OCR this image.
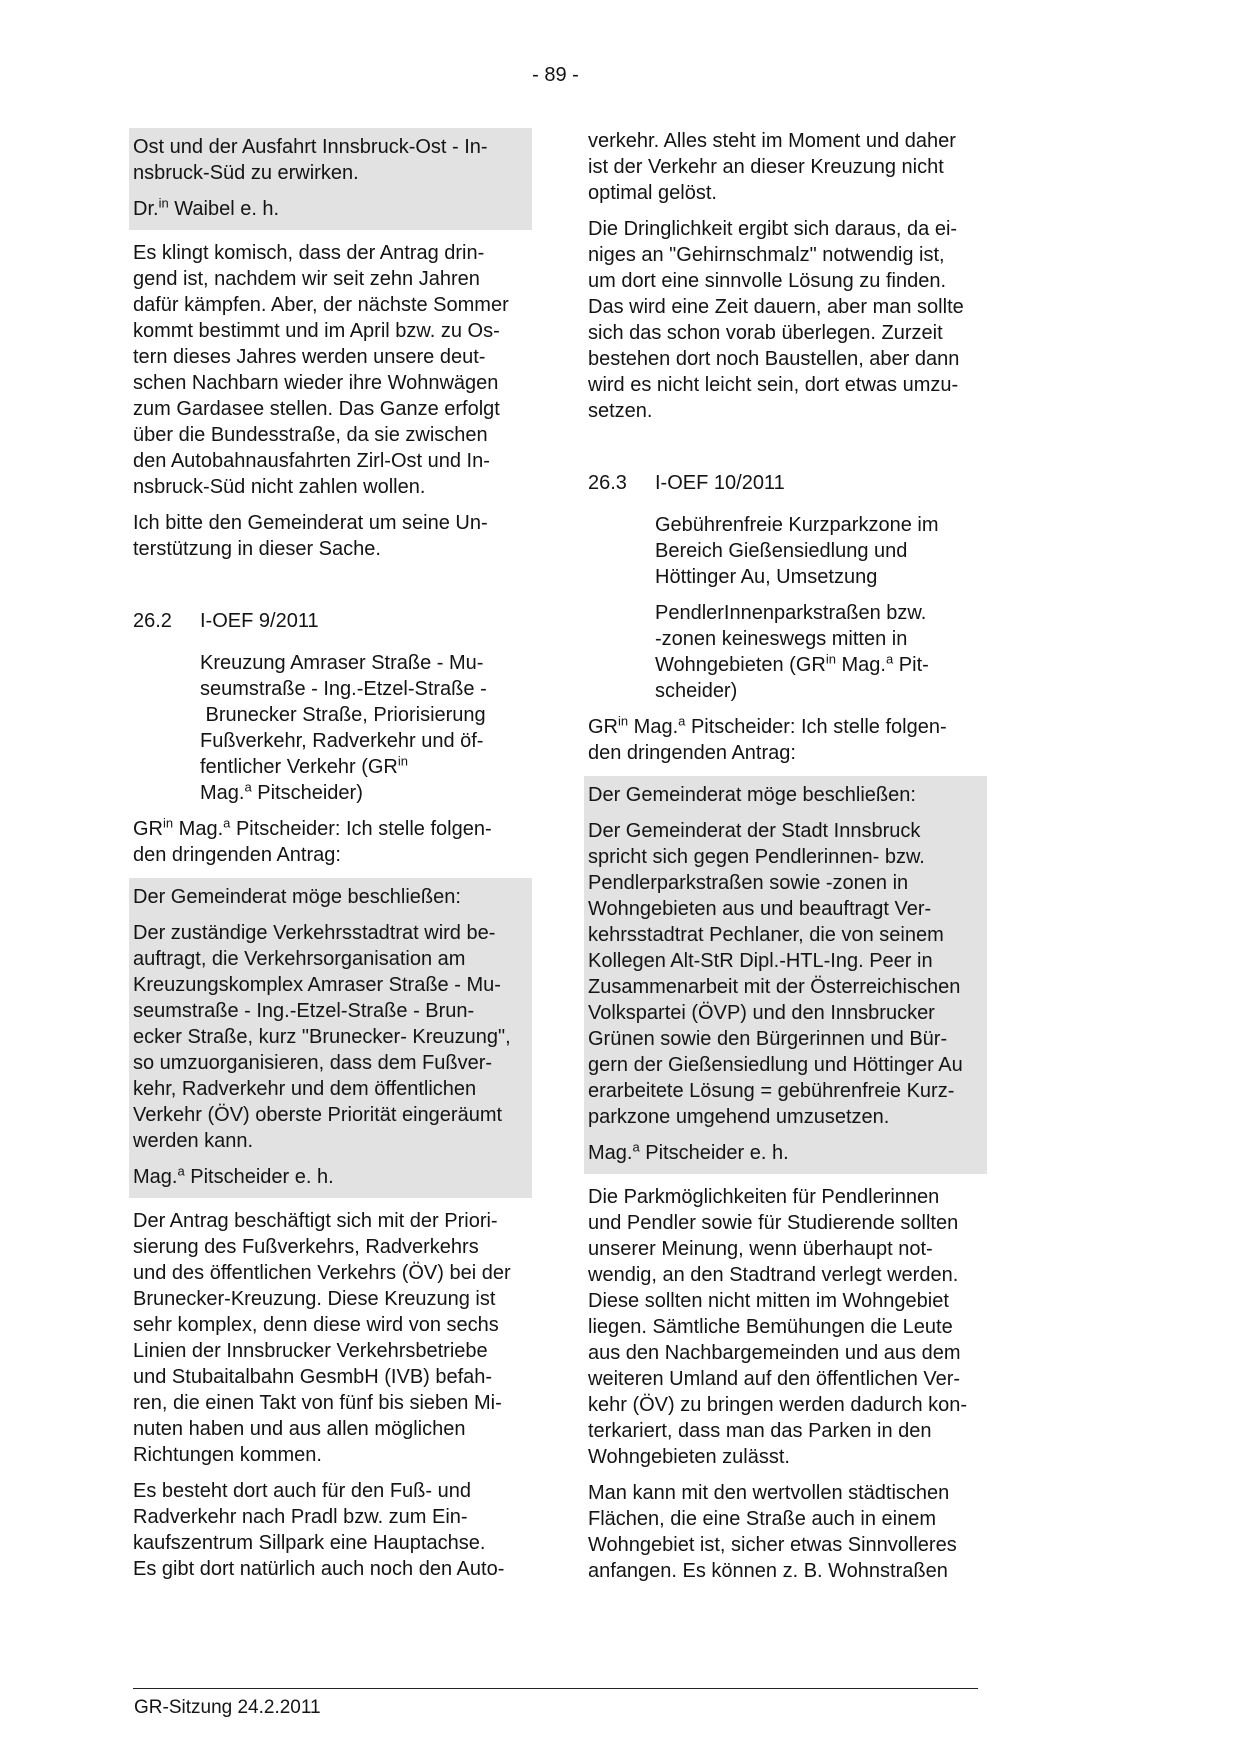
- 89 -

Ost und der Ausfahrt Innsbruck-Ost - In-
nsbruck-Süd zu erwirken.

Dr.$^{in}$ Waibel e. h.

Es klingt komisch, dass der Antrag drin-
gend ist, nachdem wir seit zehn Jahren
dafür kämpfen. Aber, der nächste Sommer
kommt bestimmt und im April bzw. zu Os-
tern dieses Jahres werden unsere deut-
schen Nachbarn wieder ihre Wohnwägen
zum Gardasee stellen. Das Ganze erfolgt
über die Bundesstraße, da sie zwischen
den Autobahnausfahrten Zirl-Ost und In-
nsbruck-Süd nicht zahlen wollen.

Ich bitte den Gemeinderat um seine Un-
terstützung in dieser Sache.

26.2 I-OEF 9/2011

Kreuzung Amraser Straße - Mu-
seumstraße - Ing.-Etzel-Straße -
Brunecker Straße, Priorisierung
Fußverkehr, Radverkehr und öf-
fentlicher Verkehr ($GR^{in}$
Mag.$^a$ Pitscheider)

$GR^{in}$ Mag.$^a$ Pitscheider: Ich stelle folgen-
den dringenden Antrag:

Der Gemeinderat möge beschließen:

Der zuständige Verkehrsstadtrat wird be-
auftragt, die Verkehrsorganisation am
Kreuzungskomplex Amraser Straße - Mu-
seumstraße - Ing.-Etzel-Straße - Brun-
ecker Straße, kurz "Brunecker- Kreuzung",
so umzuorganisieren, dass dem Fußver-
kehr, Radverkehr und dem öffentlichen
Verkehr (ÖV) oberste Priorität eingeräumt
werden kann.

Mag.$^a$ Pitscheider e. h.

Der Antrag beschäftigt sich mit der Priori-
sierung des Fußverkehrs, Radverkehrs
und des öffentlichen Verkehrs (ÖV) bei der
Brunecker-Kreuzung. Diese Kreuzung ist
sehr komplex, denn diese wird von sechs
Linien der Innsbrucker Verkehrsbetriebe
und Stubaitalbahn GesmbH (IVB) befah-
ren, die einen Takt von fünf bis sieben Mi-
nuten haben und aus allen möglichen
Richtungen kommen.

Es besteht dort auch für den Fuß- und
Radverkehr nach Pradl bzw. zum Ein-
kaufszentrum Sillpark eine Hauptachse.
Es gibt dort natürlich auch noch den Auto-

verkehr. Alles steht im Moment und daher
ist der Verkehr an dieser Kreuzung nicht
optimal gelöst.

Die Dringlichkeit ergibt sich daraus, da ei-
niges an "Gehirnschmalz" notwendig ist,
um dort eine sinnvolle Lösung zu finden.
Das wird eine Zeit dauern, aber man sollte
sich das schon vorab überlegen. Zurzeit
bestehen dort noch Baustellen, aber dann
wird es nicht leicht sein, dort etwas umzu-
setzen.

26.3 I-OEF 10/2011

Gebührenfreie Kurzparkzone im
Bereich Gießensiedlung und
Höttinger Au, Umsetzung

PendlerInnenparkstraßen bzw.
-zonen keineswegs mitten in
Wohngebieten ($GR^{in}$ Mag.$^a$ Pit-
scheider)

$GR^{in}$ Mag.$^a$ Pitscheider: Ich stelle folgen-
den dringenden Antrag:

Der Gemeinderat möge beschließen:

Der Gemeinderat der Stadt Innsbruck
spricht sich gegen Pendlerinnen- bzw.
Pendlerparkstraßen sowie -zonen in
Wohngebieten aus und beauftragt Ver-
kehrsstadtrat Pechlaner, die von seinem
Kollegen Alt-StR Dipl.-HTL-Ing. Peer in
Zusammenarbeit mit der Österreichischen
Volkspartei (ÖVP) und den Innsbrucker
Grünen sowie den Bürgerinnen und Bür-
gern der Gießensiedlung und Höttinger Au
erarbeitete Lösung = gebührenfreie Kurz-
parkzone umgehend umzusetzen.

Mag.$^a$ Pitscheider e. h.

Die Parkmöglichkeiten für Pendlerinnen
und Pendler sowie für Studierende sollten
unserer Meinung, wenn überhaupt not-
wendig, an den Stadtrand verlegt werden.
Diese sollten nicht mitten im Wohngebiet
liegen. Sämtliche Bemühungen die Leute
aus den Nachbargemeinden und aus dem
weiteren Umland auf den öffentlichen Ver-
kehr (ÖV) zu bringen werden dadurch kon-
terkariert, dass man das Parken in den
Wohngebieten zulässt.

Man kann mit den wertvollen städtischen
Flächen, die eine Straße auch in einem
Wohngebiet ist, sicher etwas Sinnvolleres
anfangen. Es können z. B. Wohnstraßen

GR-Sitzung 24.2.2011
